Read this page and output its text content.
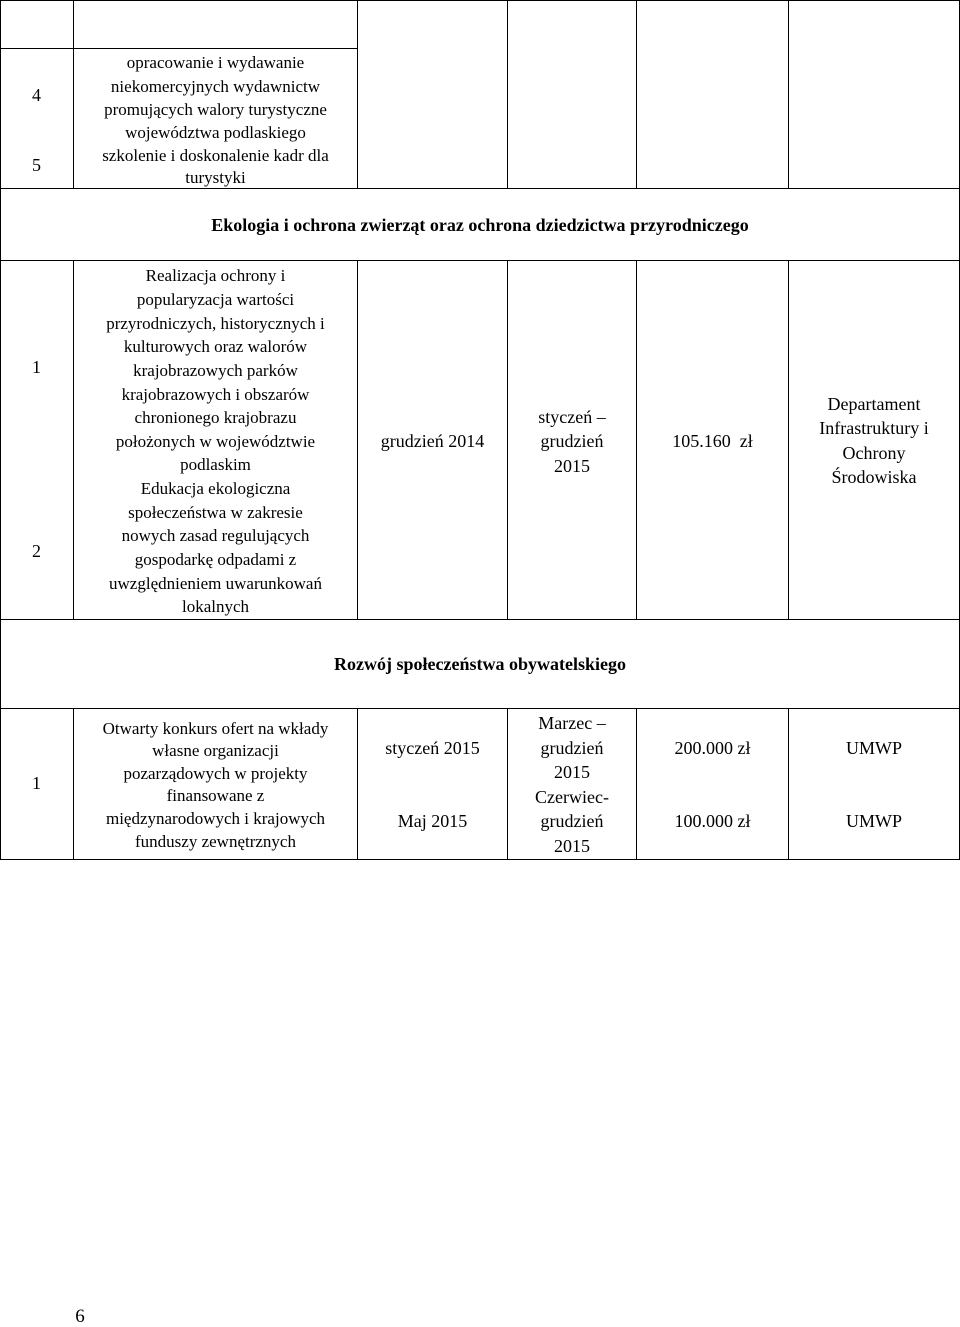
4
5
opracowanie i wydawanie
niekomercyjnych wydawnictw
promujących walory turystyczne
województwa podlaskiego
szkolenie i doskonalenie kadr dla
turystyki
Ekologia i ochrona zwierząt oraz ochrona dziedzictwa przyrodniczego
1
2
Realizacja ochrony i
popularyzacja wartości
przyrodniczych, historycznych i
kulturowych oraz walorów
krajobrazowych parków
krajobrazowych i obszarów
chronionego krajobrazu
położonych w województwie
podlaskim
Edukacja ekologiczna
społeczeństwa w zakresie
nowych zasad regulujących
gospodarkę odpadami z
uwzględnieniem uwarunkowań
lokalnych
grudzień 2014
styczeń –
grudzień
2015
105.160  zł
Departament
Infrastruktury i
Ochrony
Środowiska
Rozwój społeczeństwa obywatelskiego
1
Otwarty konkurs ofert na wkłady
własne organizacji
pozarządowych w projekty
finansowane z
międzynarodowych i krajowych
funduszy zewnętrznych
styczeń 2015
Maj 2015
Marzec –
grudzień
2015
Czerwiec-
grudzień
2015
200.000 zł
100.000 zł
UMWP
UMWP
6
